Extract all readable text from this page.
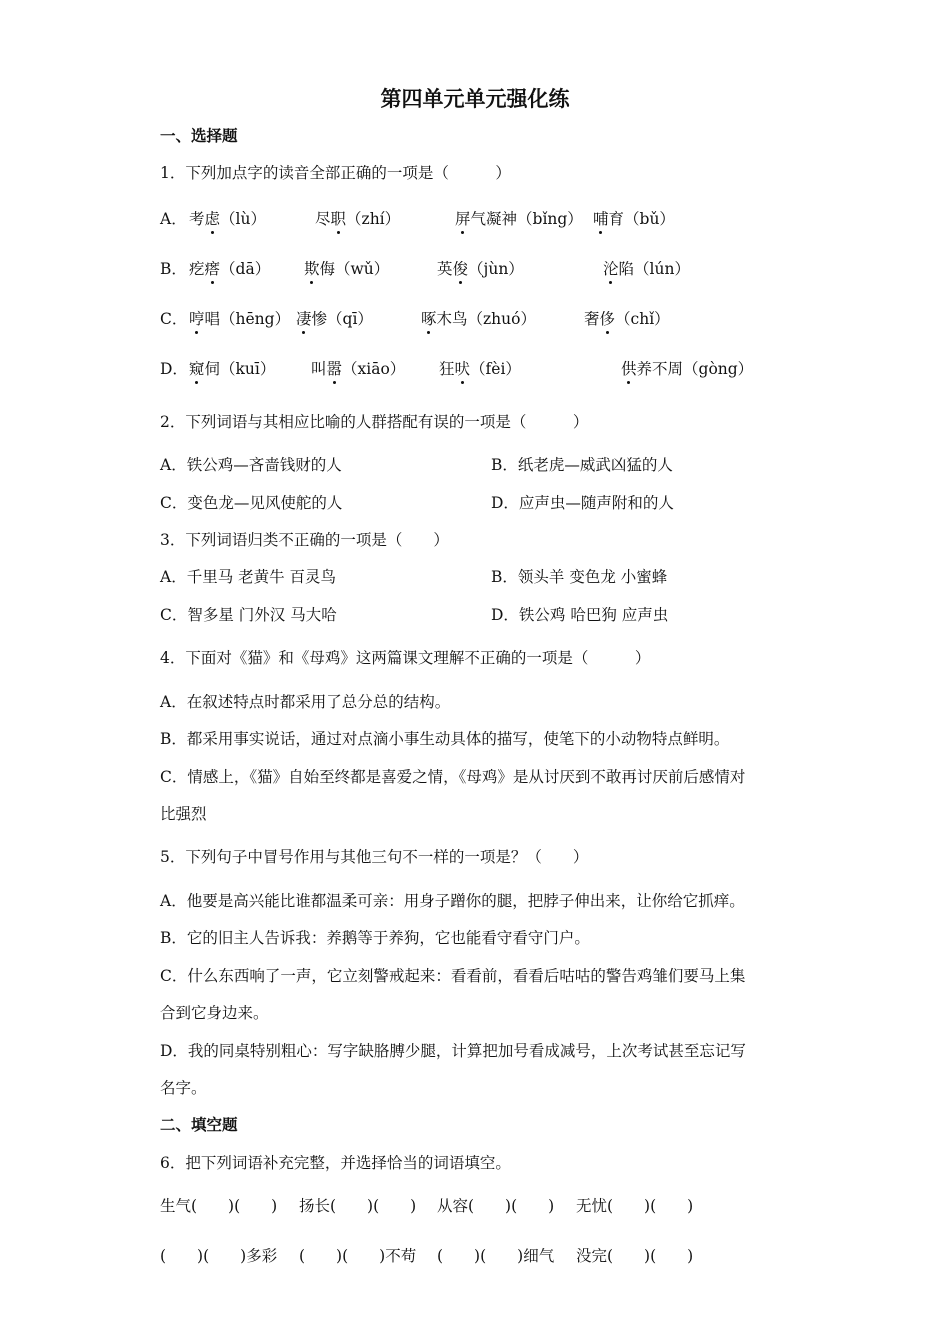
第四单元单元强化练
一、选择题
1．下列加点字的读音全部正确的一项是（　　　）
A． 考虑（lù）	尽职（zhí）	屏气凝神（bǐng） 哺育（bǔ）
B． 疙瘩（dā） 欺侮（wǔ）	英俊（jùn）	沦陷（lún）
C． 哼唱（hēng） 凄惨（qī）	啄木鸟（zhuó）	奢侈（chǐ）
D． 窥伺（kuī） 叫嚣（xiāo） 狂吠（fèi）	供养不周（gòng）
2．下列词语与其相应比喻的人群搭配有误的一项是（　　　）
A．铁公鸡—吝啬钱财的人	B．纸老虎—威武凶猛的人
C．变色龙—见风使舵的人	D．应声虫—随声附和的人
3．下列词语归类不正确的一项是（　　）
A．千里马 老黄牛 百灵鸟	B．领头羊 变色龙 小蜜蜂
C．智多星 门外汉 马大哈	D．铁公鸡 哈巴狗 应声虫
4．下面对《猫》和《母鸡》这两篇课文理解不正确的一项是（　　　）
A．在叙述特点时都采用了总分总的结构。
B．都采用事实说话，通过对点滴小事生动具体的描写，使笔下的小动物特点鲜明。
C．情感上，《猫》自始至终都是喜爱之情，《母鸡》是从讨厌到不敢再讨厌前后感情对
比强烈
5．下列句子中冒号作用与其他三句不一样的一项是？（　　）
A．他要是高兴能比谁都温柔可亲：用身子蹭你的腿，把脖子伸出来，让你给它抓痒。
B．它的旧主人告诉我：养鹅等于养狗，它也能看守看守门户。
C．什么东西响了一声，它立刻警戒起来：看看前，看看后咕咕的警告鸡雏们要马上集
合到它身边来。
D．我的同桌特别粗心：写字缺胳膊少腿，计算把加号看成减号，上次考试甚至忘记写
名字。
二、填空题
6．把下列词语补充完整，并选择恰当的词语填空。
生气(　　)(　　) 扬长(　　)(　　) 从容(　　)(　　) 无忧(　　)(　　)
(　　)(　　)多彩 (　　)(　　)不苟 (　　)(　　)细气 没完(　　)(　　)
